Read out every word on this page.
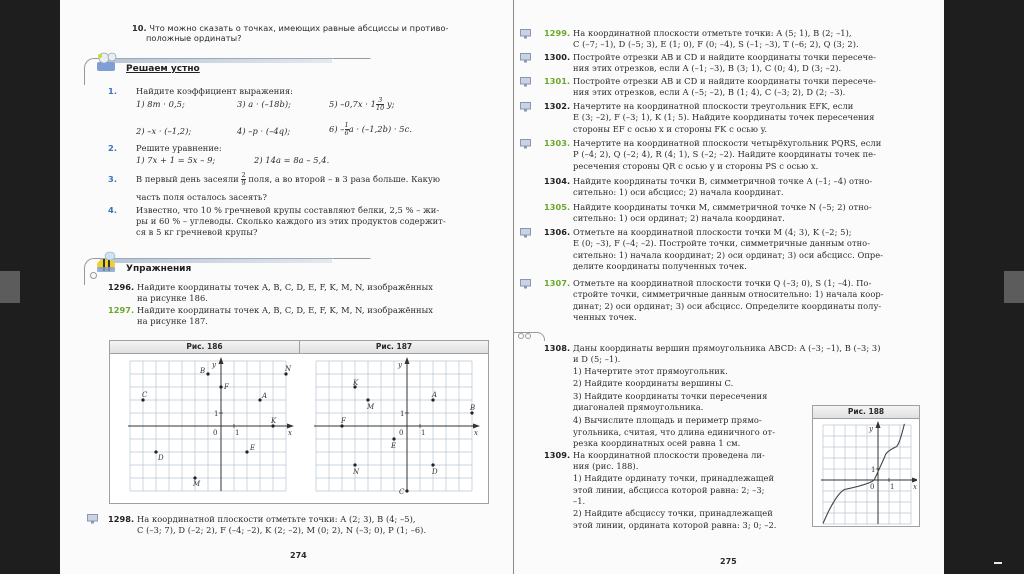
10. Что можно сказать о точках, имеющих равные абсциссы и противо-
положные ординаты?
Решаем устно
1. Найдите коэффициент выражения:
1) 8m · 0,5;	3) a · (–18b);	5) $-0,7x \cdot 1 \frac{3}{10} y$;
2) –x · (–1,2);	4) –p · (–4q);	$6) - \frac{1}{6}$ a · (–1,2b) · 5c.
2. Решите уравнение:
1) 7x + 1 = 5x – 9;	2) 14a = 8a – 5,4.
3. В первый день засеяли $\frac{2}{9}$ поля, а во второй – в 3 раза больше. Какую
часть поля осталось засеять?
4. Известно, что 10 % гречневой крупы составляют белки, 2,5 % – жи-
ры и 60 % – углеводы. Сколько каждого из этих продуктов содержит-
ся в 5 кг гречневой крупы?
Упражнения
1296. Найдите координаты точек A, B, C, D, E, F, K, M, N, изображённых
на рисунке 186.
1297. Найдите координаты точек A, B, C, D, E, F, K, M, N, изображённых
на рисунке 187.
Рис. 186	Рис. 187
x
y
0	1
1
A
B
C
D
E
F
K
M
N
x
y
0	1
1
A
B
C
D
E
F
K
M
N
1298. На координатной плоскости отметьте точки: A (2; 3), B (4; –5),
C (–3; 7), D (–2; 2), F (–4; –2), K (2; –2), M (0; 2), N (–3; 0), P (1; –6).
274
1299. На координатной плоскости отметьте точки: A (5; 1), B (2; –1),
C (–7; –1), D (–5; 3), E (1; 0), F (0; –4), S (–1; –3), T (–6; 2), Q (3; 2).
1300. Постройте отрезки AB и CD и найдите координаты точки пересече-
ния этих отрезков, если A (–1; –3), B (3; 1), C (0; 4), D (3; –2).
1301. Постройте отрезки AB и CD и найдите координаты точки пересече-
ния этих отрезков, если A (–5; –2), B (1; 4), C (–3; 2), D (2; –3).
1302. Начертите на координатной плоскости треугольник EFK, если
E (3; –2), F (–3; 1), K (1; 5). Найдите координаты точек пересечения
стороны EF с осью x и стороны FK с осью y.
1303. Начертите на координатной плоскости четырёхугольник PQRS, если
P (–4; 2), Q (–2; 4), R (4; 1), S (–2; –2). Найдите координаты точек пе-
ресечения стороны QR с осью y и стороны PS с осью x.
1304. Найдите координаты точки B, симметричной точке A (–1; –4) отно-
сительно: 1) оси абсцисс; 2) начала координат.
1305. Найдите координаты точки M, симметричной точке N (–5; 2) отно-
сительно: 1) оси ординат; 2) начала координат.
1306. Отметьте на координатной плоскости точки M (4; 3), K (–2; 5);
E (0; –3), F (–4; –2). Постройте точки, симметричные данным отно-
сительно: 1) начала координат; 2) оси ординат; 3) оси абсцисс. Опре-
делите координаты полученных точек.
1307. Отметьте на координатной плоскости точки Q (–3; 0), S (1; –4). По-
стройте точки, симметричные данным относительно: 1) начала коор-
динат; 2) оси ординат; 3) оси абсцисс. Определите координаты полу-
ченных точек.
1308. Даны координаты вершин прямоугольника ABCD: A (–3; –1), B (–3; 3)
и D (5; –1).
1) Начертите этот прямоугольник.
2) Найдите координаты вершины C.
3) Найдите координаты точки пересечения
диагоналей прямоугольника.
4) Вычислите площадь и периметр прямо-
угольника, считая, что длина единичного от-
резка координатных осей равна 1 см.
1309. На координатной плоскости проведена ли-
ния (рис. 188).
1) Найдите ординату точки, принадлежащей
этой линии, абсцисса которой равна: 2; –3;
–1.
2) Найдите абсциссу точки, принадлежащей
этой линии, ордината которой равна: 3; 0; –2.
Рис. 188
x
y
0 1
1
275
